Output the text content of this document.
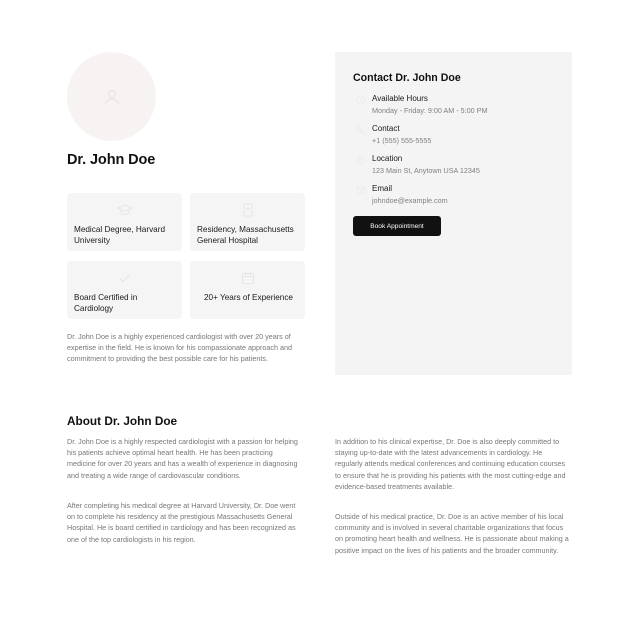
Dr. John Doe
Medical Degree, Harvard University
Residency, Massachusetts General Hospital
Board Certified in Cardiology
20+ Years of Experience
Dr. John Doe is a highly experienced cardiologist with over 20 years of expertise in the field. He is known for his compassionate approach and commitment to providing the best possible care for his patients.
Contact Dr. John Doe
Available Hours
Monday - Friday: 9:00 AM - 5:00 PM
Contact
+1 (555) 555-5555
Location
123 Main St, Anytown USA 12345
Email
johndoe@example.com
Book Appointment
About Dr. John Doe
Dr. John Doe is a highly respected cardiologist with a passion for helping his patients achieve optimal heart health. He has been practicing medicine for over 20 years and has a wealth of experience in diagnosing and treating a wide range of cardiovascular conditions.
After completing his medical degree at Harvard University, Dr. Doe went on to complete his residency at the prestigious Massachusetts General Hospital. He is board certified in cardiology and has been recognized as one of the top cardiologists in his region.
In addition to his clinical expertise, Dr. Doe is also deeply committed to staying up-to-date with the latest advancements in cardiology. He regularly attends medical conferences and continuing education courses to ensure that he is providing his patients with the most cutting-edge and evidence-based treatments available.
Outside of his medical practice, Dr. Doe is an active member of his local community and is involved in several charitable organizations that focus on promoting heart health and wellness. He is passionate about making a positive impact on the lives of his patients and the broader community.
